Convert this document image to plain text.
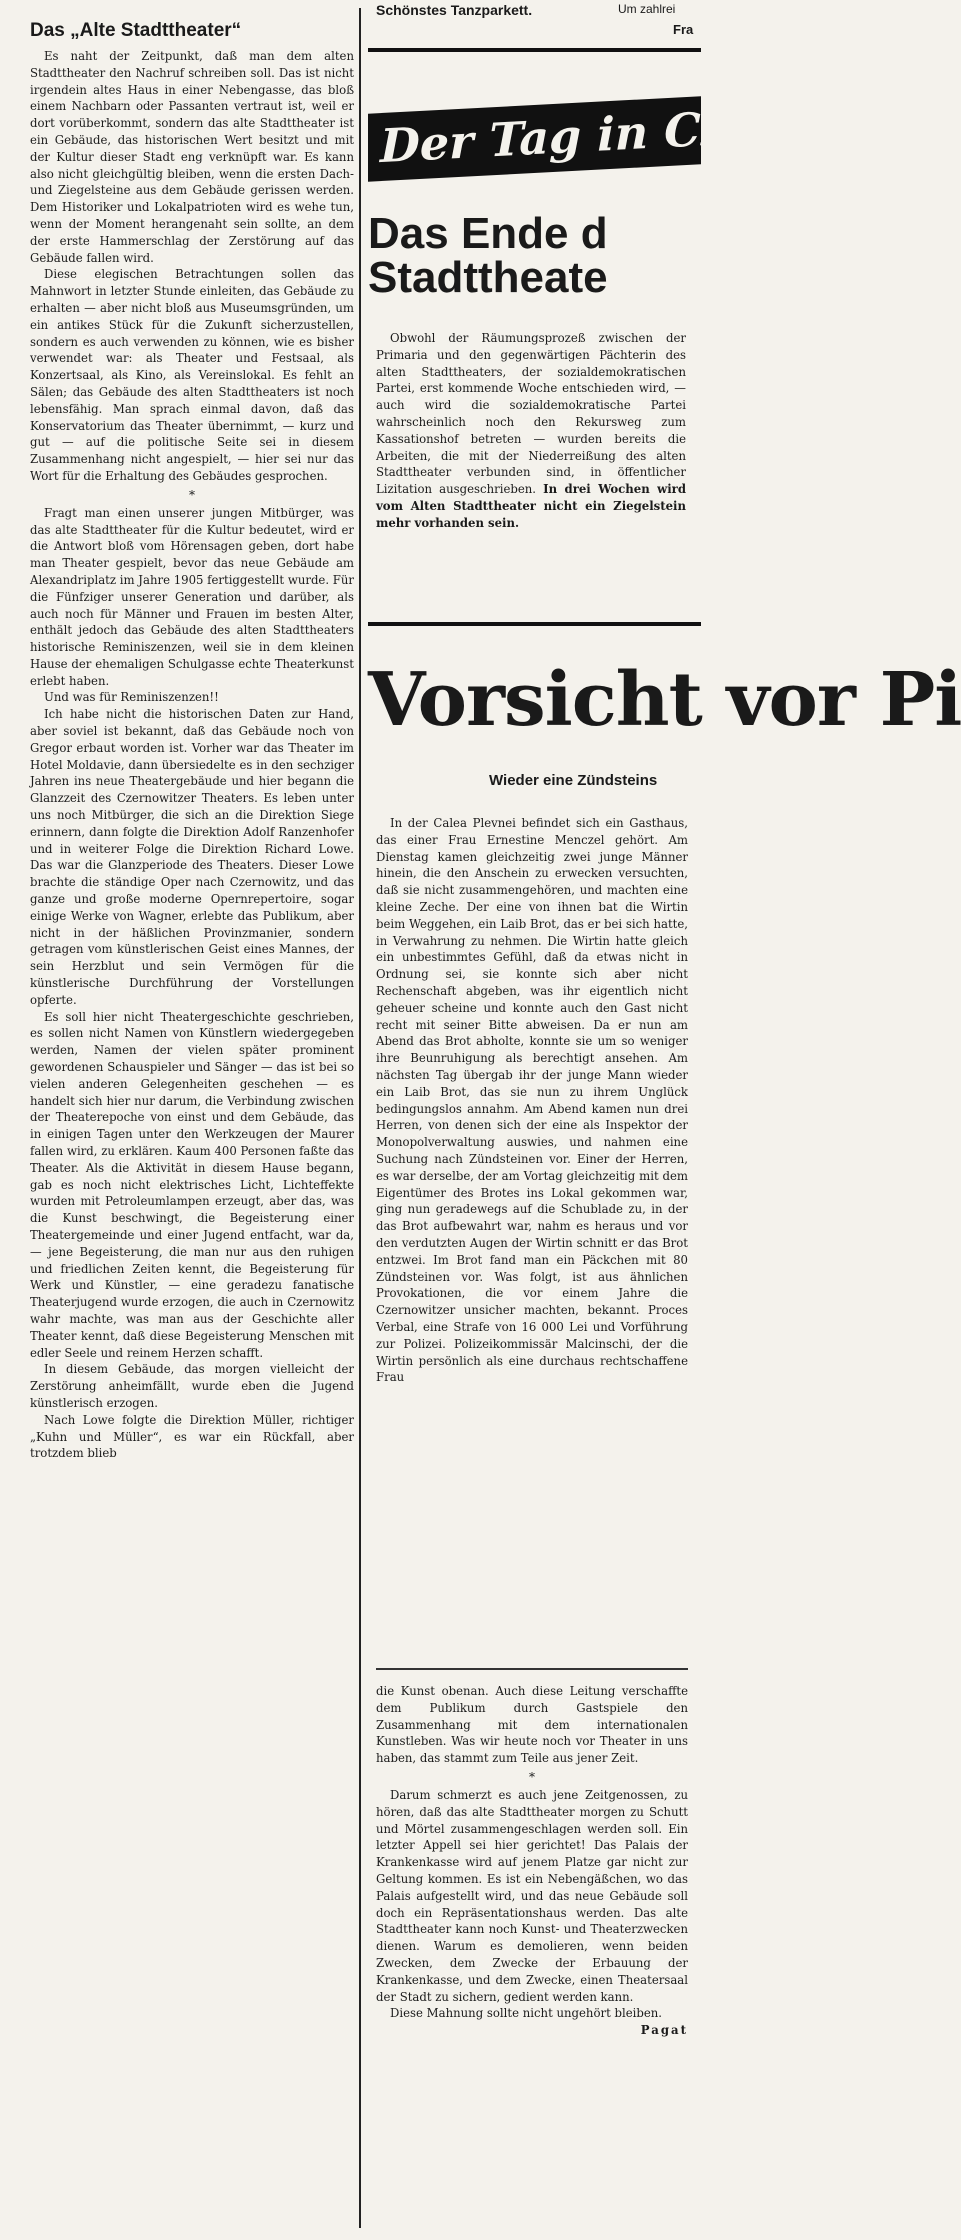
Das „Alte Stadttheater“

Es naht der Zeitpunkt, daß man dem alten Stadttheater den Nachruf schreiben soll. Das ist nicht irgendein altes Haus in einer Nebengasse, das bloß einem Nachbarn oder Passanten vertraut ist, weil er dort vorüberkommt, sondern das alte Stadttheater ist ein Gebäude, das historischen Wert besitzt und mit der Kultur dieser Stadt eng verknüpft war. Es kann also nicht gleichgültig bleiben, wenn die ersten Dach- und Ziegelsteine aus dem Gebäude gerissen werden. Dem Historiker und Lokalpatrioten wird es wehe tun, wenn der Moment herangenaht sein sollte, an dem der erste Hammerschlag der Zerstörung auf das Gebäude fallen wird.

Diese elegischen Betrachtungen sollen das Mahnwort in letzter Stunde einleiten, das Gebäude zu erhalten — aber nicht bloß aus Museumsgründen, um ein antikes Stück für die Zukunft sicherzustellen, sondern es auch verwenden zu können, wie es bisher verwendet war: als Theater und Festsaal, als Konzertsaal, als Kino, als Vereinslokal. Es fehlt an Sälen; das Gebäude des alten Stadttheaters ist noch lebensfähig. Man sprach einmal davon, daß das Konservatorium das Theater übernimmt, — kurz und gut — auf die politische Seite sei in diesem Zusammenhang nicht angespielt, — hier sei nur das Wort für die Erhaltung des Gebäudes gesprochen.

*

Fragt man einen unserer jungen Mitbürger, was das alte Stadttheater für die Kultur bedeutet, wird er die Antwort bloß vom Hörensagen geben, dort habe man Theater gespielt, bevor das neue Gebäude am Alexandriplatz im Jahre 1905 fertiggestellt wurde. Für die Fünfziger unserer Generation und darüber, als auch noch für Männer und Frauen im besten Alter, enthält jedoch das Gebäude des alten Stadttheaters historische Reminiszenzen, weil sie in dem kleinen Hause der ehemaligen Schulgasse echte Theaterkunst erlebt haben.

Und was für Reminiszenzen!!

Ich habe nicht die historischen Daten zur Hand, aber soviel ist bekannt, daß das Gebäude noch von Gregor erbaut worden ist. Vorher war das Theater im Hotel Moldavie, dann übersiedelte es in den sechziger Jahren ins neue Theatergebäude und hier begann die Glanzzeit des Czernowitzer Theaters. Es leben unter uns noch Mitbürger, die sich an die Direktion Siege erinnern, dann folgte die Direktion Adolf Ranzenhofer und in weiterer Folge die Direktion Richard Lowe. Das war die Glanzperiode des Theaters. Dieser Lowe brachte die ständige Oper nach Czernowitz, und das ganze und große moderne Opernrepertoire, sogar einige Werke von Wagner, erlebte das Publikum, aber nicht in der häßlichen Provinzmanier, sondern getragen vom künstlerischen Geist eines Mannes, der sein Herzblut und sein Vermögen für die künstlerische Durchführung der Vorstellungen opferte.

Es soll hier nicht Theatergeschichte geschrieben, es sollen nicht Namen von Künstlern wiedergegeben werden, Namen der vielen später prominent gewordenen Schauspieler und Sänger — das ist bei so vielen anderen Gelegenheiten geschehen — es handelt sich hier nur darum, die Verbindung zwischen der Theaterepoche von einst und dem Gebäude, das in einigen Tagen unter den Werkzeugen der Maurer fallen wird, zu erklären. Kaum 400 Personen faßte das Theater. Als die Aktivität in diesem Hause begann, gab es noch nicht elektrisches Licht, Lichteffekte wurden mit Petroleumlampen erzeugt, aber das, was die Kunst beschwingt, die Begeisterung einer Theatergemeinde und einer Jugend entfacht, war da, — jene Begeisterung, die man nur aus den ruhigen und friedlichen Zeiten kennt, die Begeisterung für Werk und Künstler, — eine geradezu fanatische Theaterjugend wurde erzogen, die auch in Czernowitz wahr machte, was man aus der Geschichte aller Theater kennt, daß diese Begeisterung Menschen mit edler Seele und reinem Herzen schafft.

In diesem Gebäude, das morgen vielleicht der Zerstörung anheimfällt, wurde eben die Jugend künstlerisch erzogen.

Nach Lowe folgte die Direktion Müller, richtiger „Kuhn und Müller“, es war ein Rückfall, aber trotzdem blieb

Schönstes Tanzparkett.	Um zahlrei
Fra
Der Tag in Cz
Das Ende d
Stadttheate

Obwohl der Räumungsprozeß zwischen der Primaria und den gegenwärtigen Pächterin des alten Stadttheaters, der sozialdemokratischen Partei, erst kommende Woche entschieden wird, — auch wird die sozialdemokratische Partei wahrscheinlich noch den Rekursweg zum Kassationshof betreten — wurden bereits die Arbeiten, die mit der Niederreißung des alten Stadttheater verbunden sind, in öffentlicher Lizitation ausgeschrieben. In drei Wochen wird vom Alten Stadttheater nicht ein Ziegelstein mehr vorhanden sein.

Vorsicht vor Pi
Wieder eine Zündsteins

In der Calea Plevnei befindet sich ein Gasthaus, das einer Frau Ernestine Menczel gehört. Am Dienstag kamen gleichzeitig zwei junge Männer hinein, die den Anschein zu erwecken versuchten, daß sie nicht zusammengehören, und machten eine kleine Zeche. Der eine von ihnen bat die Wirtin beim Weggehen, ein Laib Brot, das er bei sich hatte, in Verwahrung zu nehmen. Die Wirtin hatte gleich ein unbestimmtes Gefühl, daß da etwas nicht in Ordnung sei, sie konnte sich aber nicht Rechenschaft abgeben, was ihr eigentlich nicht geheuer scheine und konnte auch den Gast nicht recht mit seiner Bitte abweisen. Da er nun am Abend das Brot abholte, konnte sie um so weniger ihre Beunruhigung als berechtigt ansehen. Am nächsten Tag übergab ihr der junge Mann wieder ein Laib Brot, das sie nun zu ihrem Unglück bedingungslos annahm. Am Abend kamen nun drei Herren, von denen sich der eine als Inspektor der Monopolverwaltung auswies, und nahmen eine Suchung nach Zündsteinen vor. Einer der Herren, es war derselbe, der am Vortag gleichzeitig mit dem Eigentümer des Brotes ins Lokal gekommen war, ging nun geradewegs auf die Schublade zu, in der das Brot aufbewahrt war, nahm es heraus und vor den verdutzten Augen der Wirtin schnitt er das Brot entzwei. Im Brot fand man ein Päckchen mit 80 Zündsteinen vor. Was folgt, ist aus ähnlichen Provokationen, die vor einem Jahre die Czernowitzer unsicher machten, bekannt. Proces Verbal, eine Strafe von 16 000 Lei und Vorführung zur Polizei. Polizeikommissär Malcinschi, der die Wirtin persönlich als eine durchaus rechtschaffene Frau

die Kunst obenan. Auch diese Leitung verschaffte dem Publikum durch Gastspiele den Zusammenhang mit dem internationalen Kunstleben. Was wir heute noch vor Theater in uns haben, das stammt zum Teile aus jener Zeit.

*

Darum schmerzt es auch jene Zeitgenossen, zu hören, daß das alte Stadttheater morgen zu Schutt und Mörtel zusammengeschlagen werden soll. Ein letzter Appell sei hier gerichtet! Das Palais der Krankenkasse wird auf jenem Platze gar nicht zur Geltung kommen. Es ist ein Nebengäßchen, wo das Palais aufgestellt wird, und das neue Gebäude soll doch ein Repräsentationshaus werden. Das alte Stadttheater kann noch Kunst- und Theaterzwecken dienen. Warum es demolieren, wenn beiden Zwecken, dem Zwecke der Erbauung der Krankenkasse, und dem Zwecke, einen Theatersaal der Stadt zu sichern, gedient werden kann.

Diese Mahnung sollte nicht ungehört bleiben.

Pagat
